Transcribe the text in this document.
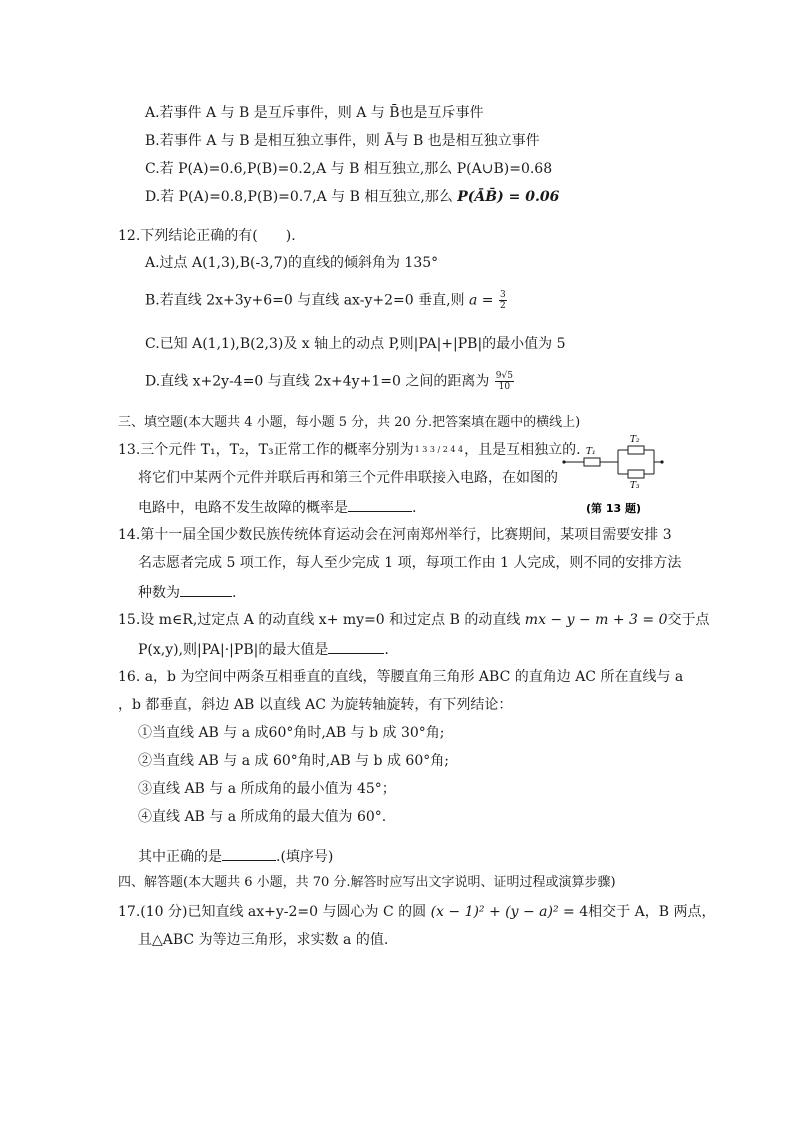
A.若事件 A 与 B 是互斥事件，则 A 与 B̄也是互斥事件
B.若事件 A 与 B 是相互独立事件，则 Ā与 B 也是相互独立事件
C.若 P(A)=0.6,P(B)=0.2,A 与 B 相互独立,那么 P(A∪B)=0.68
D.若 P(A)=0.8,P(B)=0.7,A 与 B 相互独立,那么 P(ĀB̄) = 0.06
12.下列结论正确的有(　　).
A.过点 A(1,3),B(-3,7)的直线的倾斜角为 135°
B.若直线 2x+3y+6=0 与直线 ax-y+2=0 垂直,则 $a = \frac{3}{2}$
C.已知 A(1,1),B(2,3)及 x 轴上的动点 P,则|PA|+|PB|的最小值为 5
D.直线 x+2y-4=0 与直线 2x+4y+1=0 之间的距离为 $\frac{9√5}{10}$
三、填空题(本大题共 4 小题，每小题 5 分，共 20 分.把答案填在题中的横线上)
13.三个元件 T₁，T₂，T₃正常工作的概率分别为1 3 3 / 2 4 4，且是互相独立的.
将它们中某两个元件并联后再和第三个元件串联接入电路，在如图的
电路中，电路不发生故障的概率是	.
T₁
T₂
T₃
(第 13 题)
14.第十一届全国少数民族传统体育运动会在河南郑州举行，比赛期间，某项目需要安排 3
名志愿者完成 5 项工作，每人至少完成 1 项，每项工作由 1 人完成，则不同的安排方法
种数为	.
15.设 m∈R,过定点 A 的动直线 x+ my=0 和过定点 B 的动直线 mx − y − m + 3 = 0交于点
P(x,y),则|PA|·|PB|的最大值是	.
16. a，b 为空间中两条互相垂直的直线，等腰直角三角形 ABC 的直角边 AC 所在直线与 a
，b 都垂直，斜边 AB 以直线 AC 为旋转轴旋转，有下列结论：
①当直线 AB 与 a 成60°角时,AB 与 b 成 30°角;
②当直线 AB 与 a 成 60°角时,AB 与 b 成 60°角;
③直线 AB 与 a 所成角的最小值为 45°；
④直线 AB 与 a 所成角的最大值为 60°.
其中正确的是	.(填序号)
四、解答题(本大题共 6 小题，共 70 分.解答时应写出文字说明、证明过程或演算步骤)
17.(10 分)已知直线 ax+y-2=0 与圆心为 C 的圆 (x − 1)² + (y − a)² = 4相交于 A，B 两点，
且△ABC 为等边三角形，求实数 a 的值.
